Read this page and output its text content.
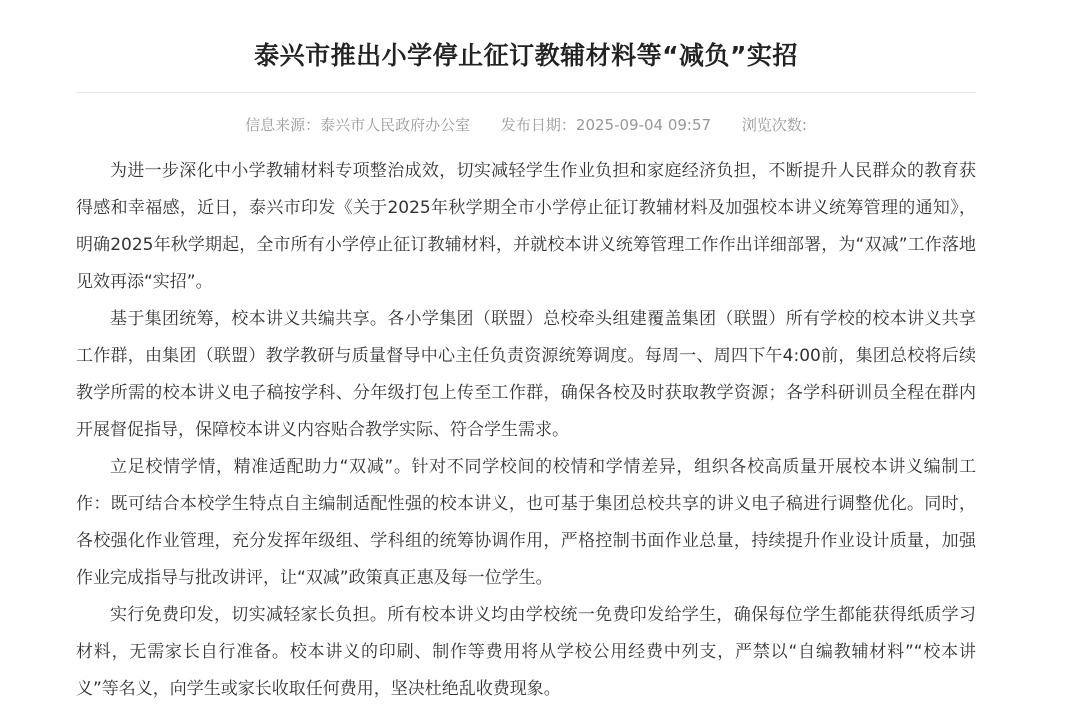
泰兴市推出小学停止征订教辅材料等“减负”实招
信息来源：泰兴市人民政府办公室 发布日期：2025-09-04 09:57 浏览次数:

为进一步深化中小学教辅材料专项整治成效，切实减轻学生作业负担和家庭经济负担，不断提升人民群众的教育获得感和幸福感，近日，泰兴市印发《关于2025年秋学期全市小学停止征订教辅材料及加强校本讲义统筹管理的通知》，明确2025年秋学期起，全市所有小学停止征订教辅材料，并就校本讲义统筹管理工作作出详细部署，为“双减”工作落地见效再添“实招”。

基于集团统筹，校本讲义共编共享。各小学集团（联盟）总校牵头组建覆盖集团（联盟）所有学校的校本讲义共享工作群，由集团（联盟）教学教研与质量督导中心主任负责资源统筹调度。每周一、周四下午4:00前，集团总校将后续教学所需的校本讲义电子稿按学科、分年级打包上传至工作群，确保各校及时获取教学资源；各学科研训员全程在群内开展督促指导，保障校本讲义内容贴合教学实际、符合学生需求。

立足校情学情，精准适配助力“双减”。针对不同学校间的校情和学情差异，组织各校高质量开展校本讲义编制工作：既可结合本校学生特点自主编制适配性强的校本讲义，也可基于集团总校共享的讲义电子稿进行调整优化。同时，各校强化作业管理，充分发挥年级组、学科组的统筹协调作用，严格控制书面作业总量，持续提升作业设计质量，加强作业完成指导与批改讲评，让“双减”政策真正惠及每一位学生。

实行免费印发，切实减轻家长负担。所有校本讲义均由学校统一免费印发给学生，确保每位学生都能获得纸质学习材料，无需家长自行准备。校本讲义的印刷、制作等费用将从学校公用经费中列支，严禁以“自编教辅材料”“校本讲义”等名义，向学生或家长收取任何费用，坚决杜绝乱收费现象。
